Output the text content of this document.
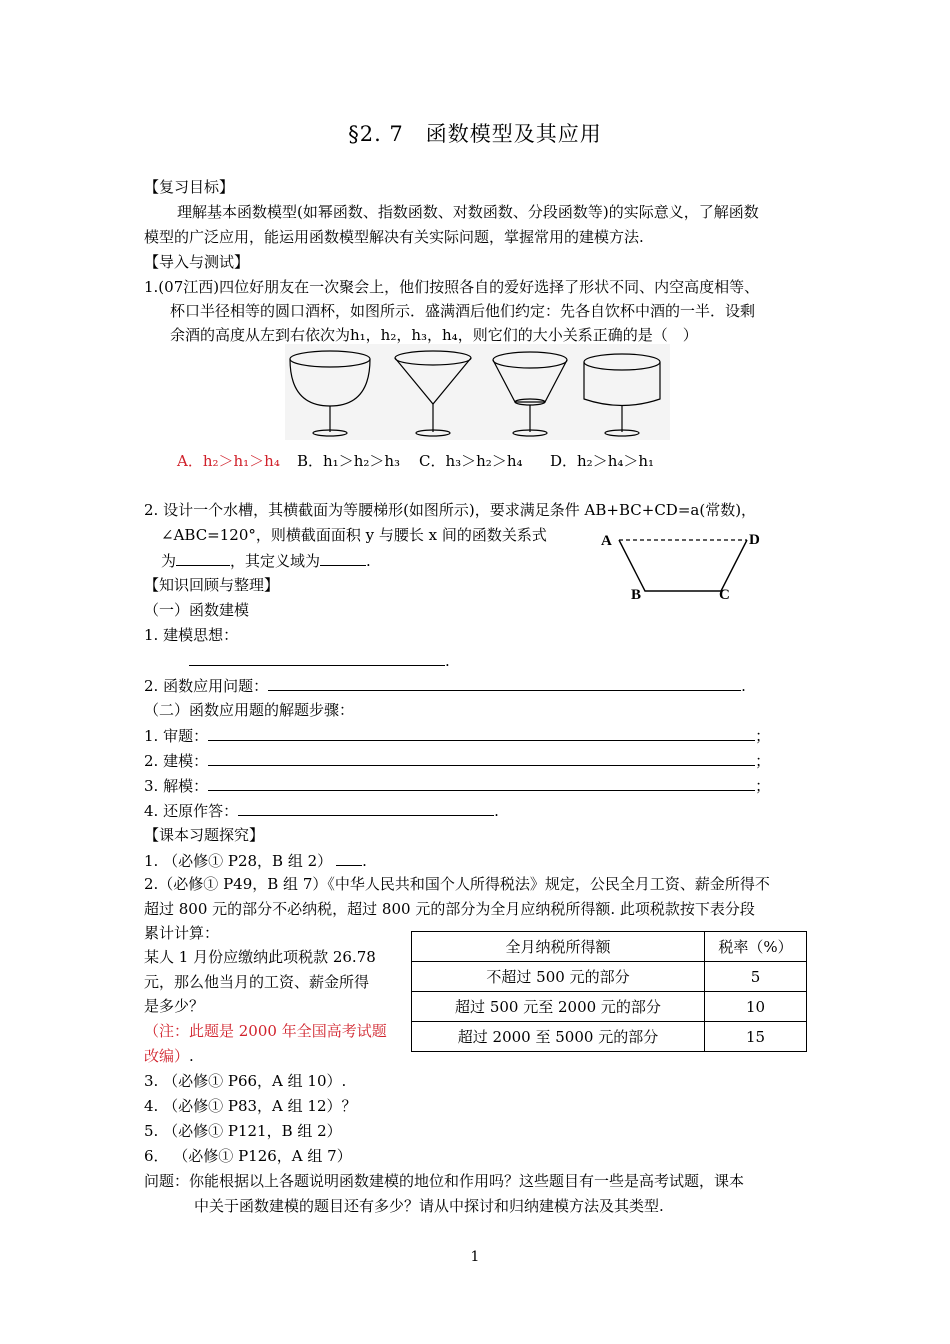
§2. 7　函数模型及其应用
【复习目标】
理解基本函数模型(如幂函数、指数函数、对数函数、分段函数等)的实际意义，了解函数
模型的广泛应用，能运用函数模型解决有关实际问题，掌握常用的建模方法.
【导入与测试】
1.(07江西)四位好朋友在一次聚会上，他们按照各自的爱好选择了形状不同、内空高度相等、
杯口半径相等的圆口酒杯，如图所示．盛满酒后他们约定：先各自饮杯中酒的一半．设剩
余酒的高度从左到右依次为h₁，h₂，h₃，h₄，则它们的大小关系正确的是（　）
A．h₂＞h₁＞h₄ B．h₁＞h₂＞h₃ C．h₃＞h₂＞h₄ D．h₂＞h₄＞h₁
2. 设计一个水槽，其横截面为等腰梯形(如图所示)，要求满足条件 AB+BC+CD=a(常数)，
∠ABC=120°，则横截面面积 y 与腰长 x 间的函数关系式
为	，其定义域为	.
A	D
B	C
【知识回顾与整理】
（一）函数建模
1. 建模思想：
.
2. 函数应用问题：	.
（二）函数应用题的解题步骤：
1. 审题：	；
2. 建模：	；
3. 解模：	；
4. 还原作答：	.
【课本习题探究】
1. （必修① P28，B 组 2） .
2.（必修① P49，B 组 7）《中华人民共和国个人所得税法》规定，公民全月工资、薪金所得不
超过 800 元的部分不必纳税，超过 800 元的部分为全月应纳税所得额. 此项税款按下表分段
累计计算：
某人 1 月份应缴纳此项税款 26.78
元，那么他当月的工资、薪金所得
是多少？
（注：此题是 2000 年全国高考试题
改编）.
全月纳税所得额	税率（%）
不超过 500 元的部分	5
超过 500 元至 2000 元的部分	10
超过 2000 至 5000 元的部分	15
3. （必修① P66，A 组 10）.
4. （必修① P83，A 组 12）？
5. （必修① P121，B 组 2）
6． （必修① P126，A 组 7）
问题：你能根据以上各题说明函数建模的地位和作用吗？这些题目有一些是高考试题，课本
中关于函数建模的题目还有多少？请从中探讨和归纳建模方法及其类型.
1
